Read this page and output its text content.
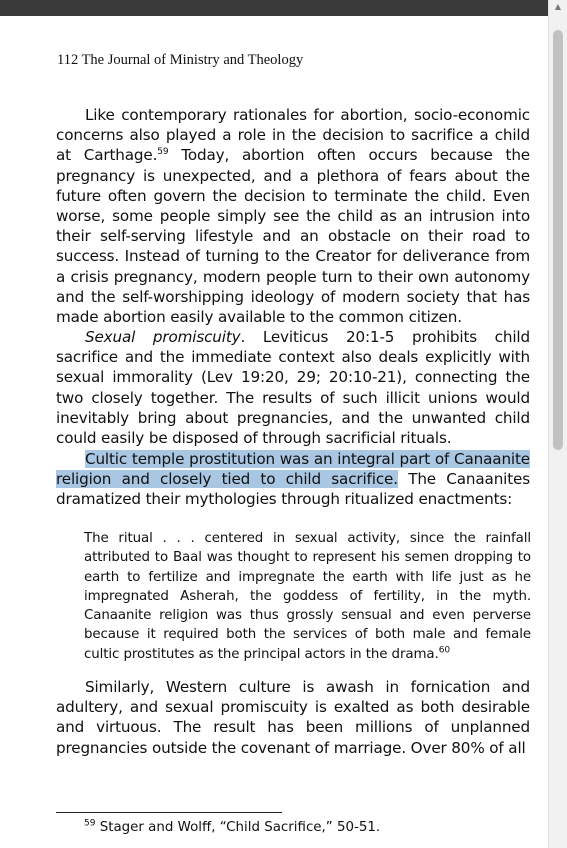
112 The Journal of Ministry and Theology

Like contemporary rationales for abortion, socio-economic concerns also played a role in the decision to sacrifice a child at Carthage.$^{59}$ Today, abortion often occurs because the pregnancy is unexpected, and a plethora of fears about the future often govern the decision to terminate the child. Even worse, some people simply see the child as an intrusion into their self-serving lifestyle and an obstacle on their road to success. Instead of turning to the Creator for deliverance from a crisis pregnancy, modern people turn to their own autonomy and the self-worshipping ideology of modern society that has made abortion easily available to the common citizen.

Sexual promiscuity. Leviticus 20:1-5 prohibits child sacrifice and the immediate context also deals explicitly with sexual immorality (Lev 19:20, 29; 20:10-21), connecting the two closely together. The results of such illicit unions would inevitably bring about pregnancies, and the unwanted child could easily be disposed of through sacrificial rituals.

Cultic temple prostitution was an integral part of Canaanite religion and closely tied to child sacrifice. The Canaanites dramatized their mythologies through ritualized enactments:

The ritual . . . centered in sexual activity, since the rainfall attributed to Baal was thought to represent his semen dropping to earth to fertilize and impregnate the earth with life just as he impregnated Asherah, the goddess of fertility, in the myth. Canaanite religion was thus grossly sensual and even perverse because it required both the services of both male and female cultic prostitutes as the principal actors in the drama.$^{60}$

Similarly, Western culture is awash in fornication and adultery, and sexual promiscuity is exalted as both desirable and virtuous. The result has been millions of unplanned pregnancies outside the covenant of marriage. Over 80% of all

$^{59}$ Stager and Wolff, “Child Sacrifice,” 50-51.
▲
